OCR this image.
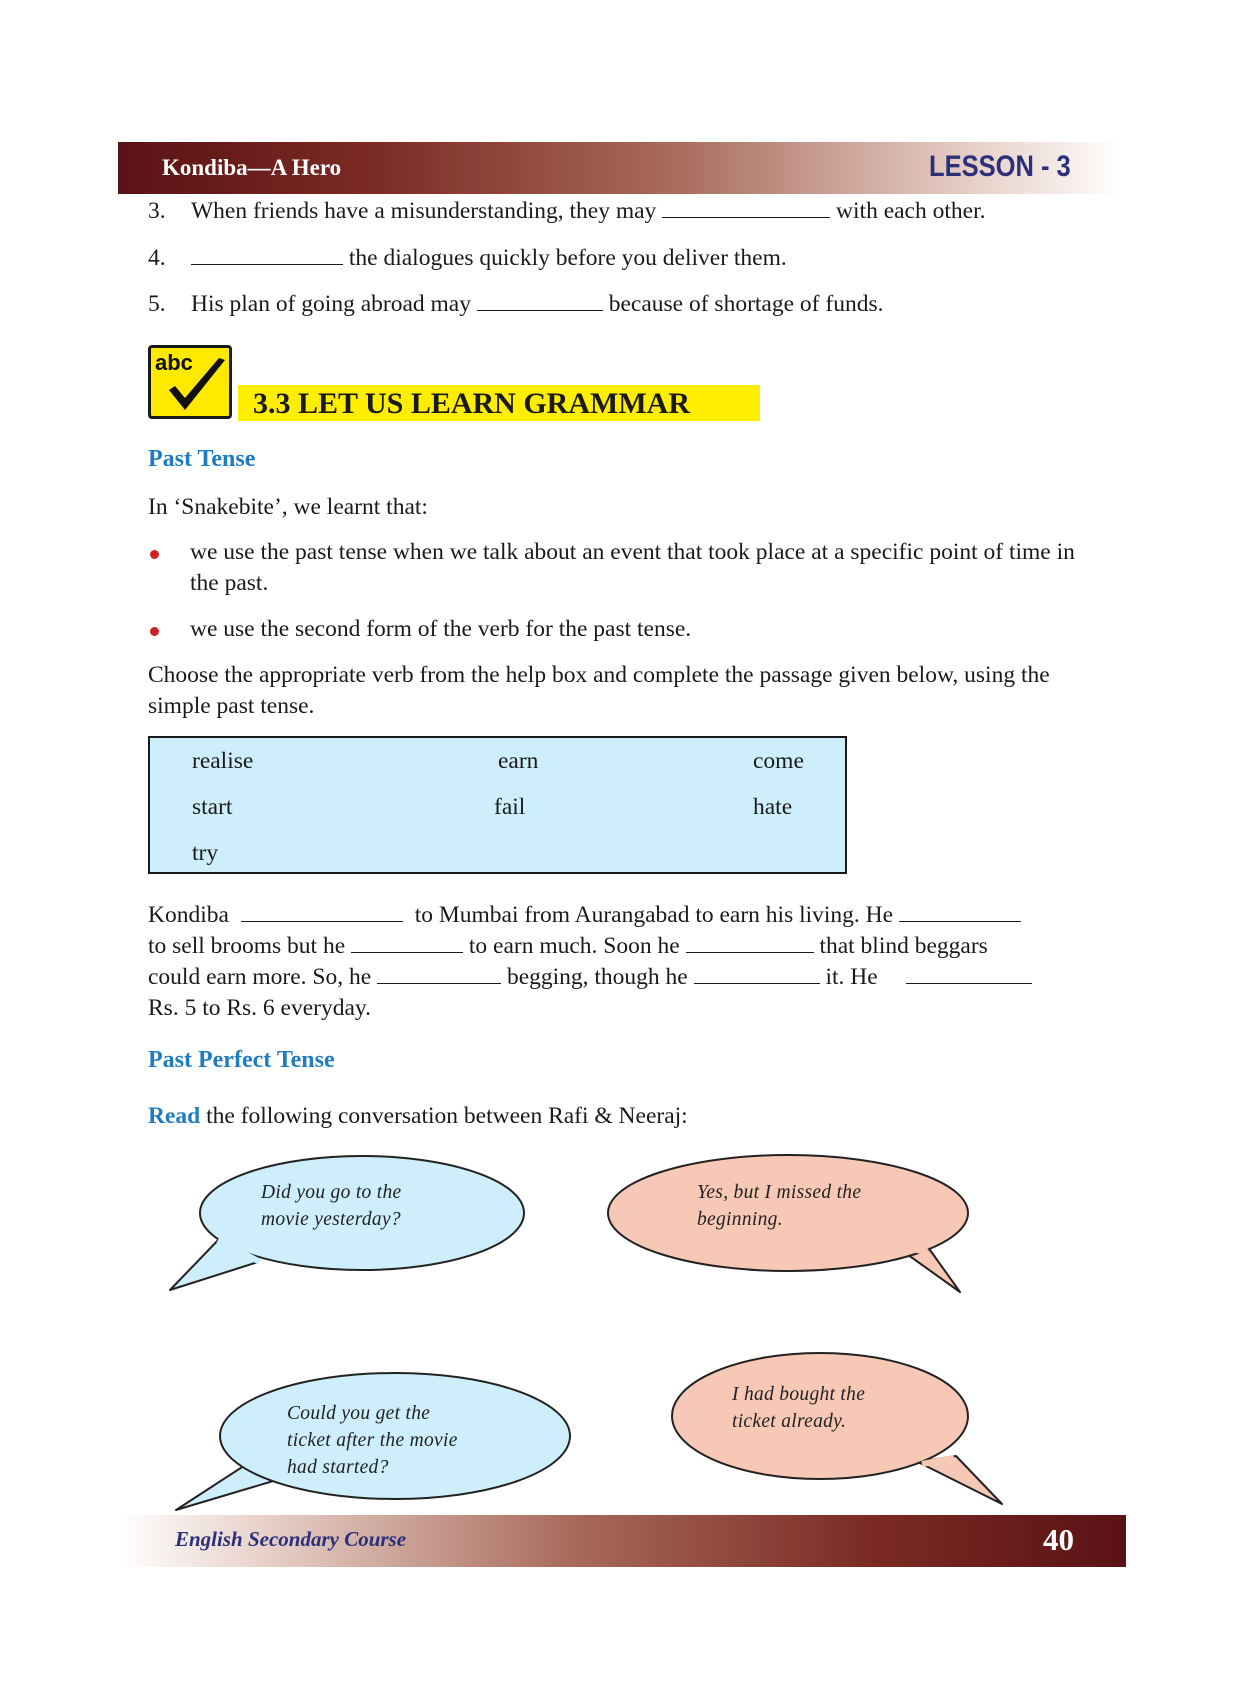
Kondiba—A Hero	LESSON - 3
3. When friends have a misunderstanding, they may	with each other.
4.	the dialogues quickly before you deliver them.
5. His plan of going abroad may	because of shortage of funds.
abc
3.3 LET US LEARN GRAMMAR
Past Tense
In ‘Snakebite’, we learnt that:
we use the past tense when we talk about an event that took place at a specific point of time in the past.
we use the second form of the verb for the past tense.
Choose the appropriate verb from the help box and complete the passage given below, using the simple past tense.
realise	earn	come
start	fail	hate
try
Kondiba	to Mumbai from Aurangabad to earn his living. He
to sell brooms but he	to earn much. Soon he	that blind beggars
could earn more. So, he	begging, though he	it. He
Rs. 5 to Rs. 6 everyday.
Past Perfect Tense
Read the following conversation between Rafi & Neeraj:
Did you go to the
movie yesterday?
Yes, but I missed the
beginning.
Could you get the
ticket after the movie
had started?
I had bought the
ticket already.
English Secondary Course	40
